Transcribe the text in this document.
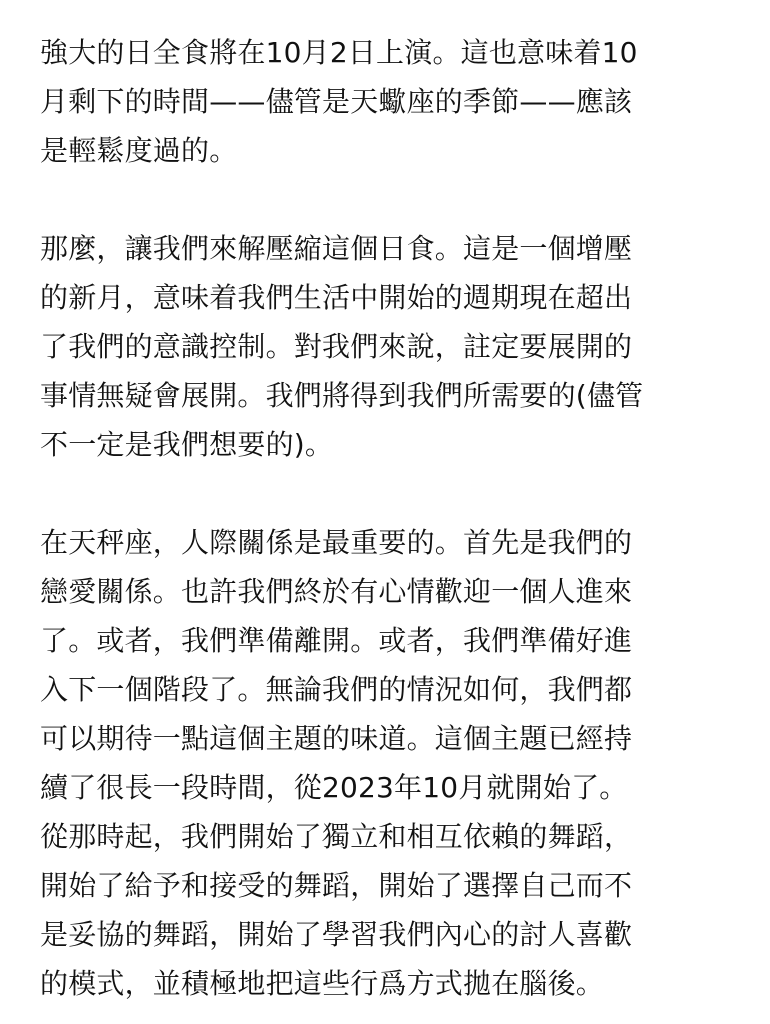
強大的日全食將在10月2日上演。這也意味着10
月剩下的時間——儘管是天蠍座的季節——應該
是輕鬆度過的。
那麼，讓我們來解壓縮這個日食。這是一個增壓
的新月，意味着我們生活中開始的週期現在超出
了我們的意識控制。對我們來說，註定要展開的
事情無疑會展開。我們將得到我們所需要的(儘管
不一定是我們想要的)。
在天秤座，人際關係是最重要的。首先是我們的
戀愛關係。也許我們終於有心情歡迎一個人進來
了。或者，我們準備離開。或者，我們準備好進
入下一個階段了。無論我們的情況如何，我們都
可以期待一點這個主題的味道。這個主題已經持
續了很長一段時間，從2023年10月就開始了。
從那時起，我們開始了獨立和相互依賴的舞蹈，
開始了給予和接受的舞蹈，開始了選擇自己而不
是妥協的舞蹈，開始了學習我們內心的討人喜歡
的模式，並積極地把這些行爲方式拋在腦後。
